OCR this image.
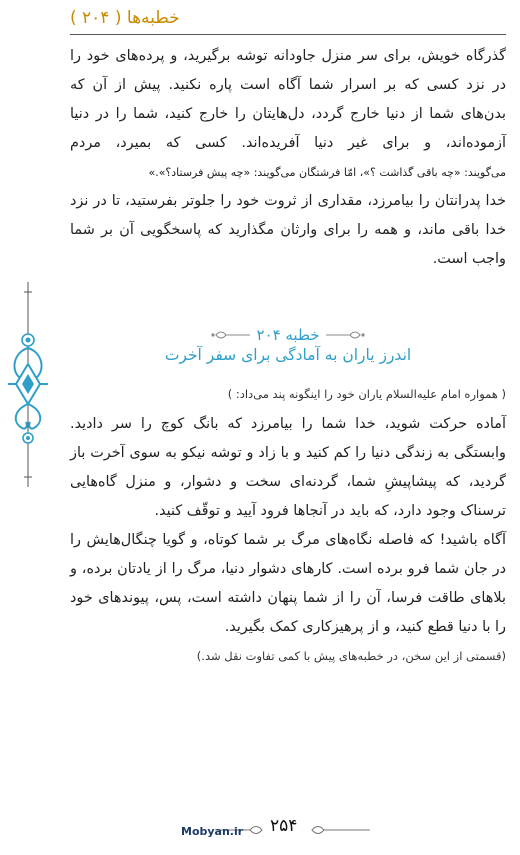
خطبه‌ها ( ۲۰۴ )

گذرگاه خویش، برای سر منزل جاودانه توشه برگیرید، و پرده‌های خود را در نزد کسی که بر اسرار شما آگاه است پاره نکنید. پیش از آن که بدن‌های شما از دنیا خارج گردد، دل‌هایتان را خارج کنید، شما را در دنیا آزموده‌اند، و برای غیر دنیا آفریده‌اند. کسی که بمیرد، مردم

می‌گویند: «چه باقی گذاشت ؟»، امّا فرشتگان می‌گویند: «چه پیش فرستاد؟».»

خدا پدرانتان را بیامرزد، مقداری از ثروت خود را جلوتر بفرستید، تا در نزد خدا باقی ماند، و همه را برای وارثان مگذارید که پاسخگویی آن بر شما واجب است.

خطبه ۲۰۴
اندرز یاران به آمادگی برای سفر آخرت
( همواره امام علیه‌السلام یاران خود را اینگونه پند می‌داد: )

آماده حرکت شوید، خدا شما را بیامرزد که بانگ کوچ را سر دادید. وابستگی به زندگی دنیا را کم کنید و با زاد و توشه نیکو به سوی آخرت باز گردید، که پیشاپیشِ شما، گردنه‌ای سخت و دشوار، و منزل گاه‌هایی ترسناک وجود دارد، که باید در آنجاها فرود آیید و توقّف کنید.

آگاه باشید! که فاصله نگاه‌های مرگ بر شما کوتاه، و گویا چنگال‌هایش را در جان شما فرو برده است. کارهای دشوار دنیا، مرگ را از یادتان برده، و بلاهای طاقت فرسا، آن را از شما پنهان داشته است، پس، پیوندهای خود را با دنیا قطع کنید، و از پرهیزکاری کمک بگیرید.

(قسمتی از این سخن، در خطبه‌های پیش با کمی تفاوت نقل شد.)
Mobyan.ir ۲۵۴
